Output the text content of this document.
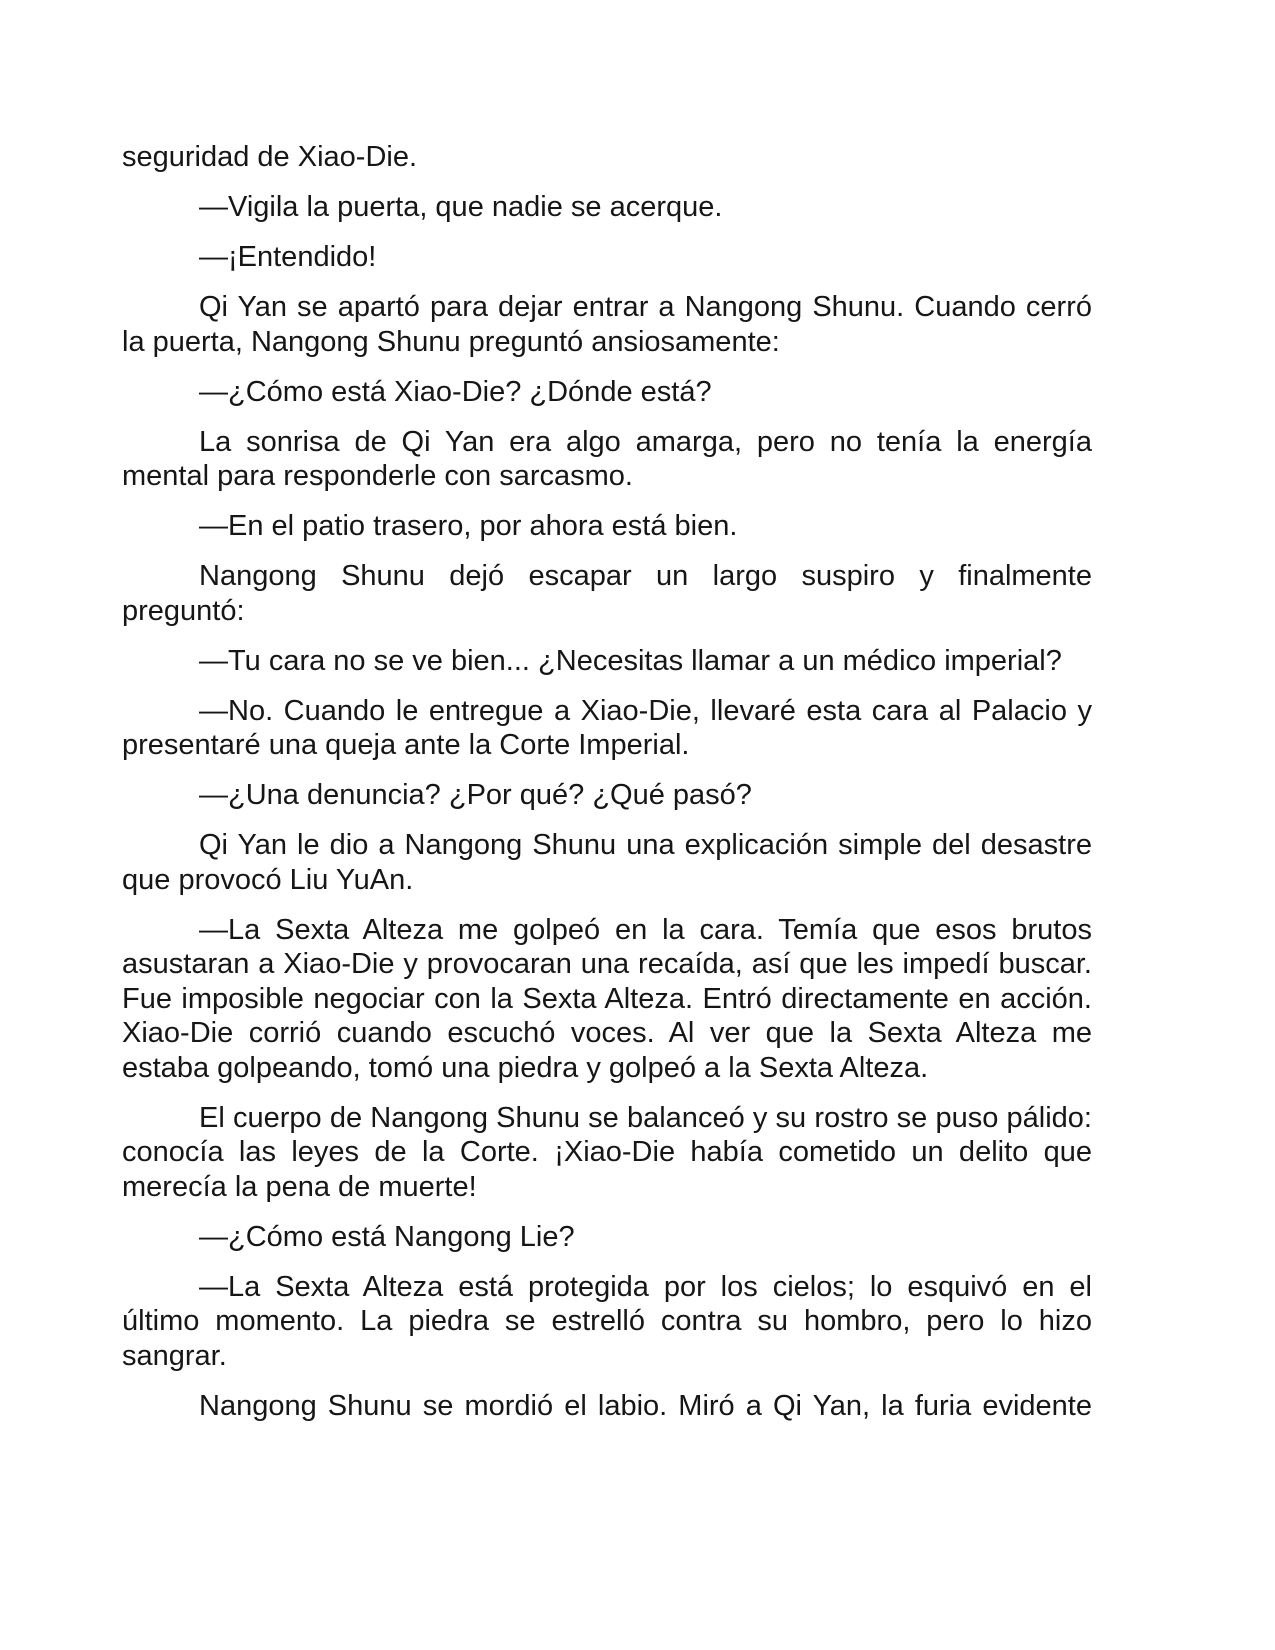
seguridad de Xiao-Die.

—Vigila la puerta, que nadie se acerque.

—¡Entendido!

Qi Yan se apartó para dejar entrar a Nangong Shunu. Cuando cerró la puerta, Nangong Shunu preguntó ansiosamente:

—¿Cómo está Xiao-Die? ¿Dónde está?

La sonrisa de Qi Yan era algo amarga, pero no tenía la energía mental para responderle con sarcasmo.

—En el patio trasero, por ahora está bien.

Nangong Shunu dejó escapar un largo suspiro y finalmente preguntó:

—Tu cara no se ve bien... ¿Necesitas llamar a un médico imperial?

—No. Cuando le entregue a Xiao-Die, llevaré esta cara al Palacio y presentaré una queja ante la Corte Imperial.

—¿Una denuncia? ¿Por qué? ¿Qué pasó?

Qi Yan le dio a Nangong Shunu una explicación simple del desastre que provocó Liu YuAn.

—La Sexta Alteza me golpeó en la cara. Temía que esos brutos asustaran a Xiao-Die y provocaran una recaída, así que les impedí buscar. Fue imposible negociar con la Sexta Alteza. Entró directamente en acción. Xiao-Die corrió cuando escuchó voces. Al ver que la Sexta Alteza me estaba golpeando, tomó una piedra y golpeó a la Sexta Alteza.

El cuerpo de Nangong Shunu se balanceó y su rostro se puso pálido: conocía las leyes de la Corte. ¡Xiao-Die había cometido un delito que merecía la pena de muerte!

—¿Cómo está Nangong Lie?

—La Sexta Alteza está protegida por los cielos; lo esquivó en el último momento. La piedra se estrelló contra su hombro, pero lo hizo sangrar.

Nangong Shunu se mordió el labio. Miró a Qi Yan, la furia evidente
